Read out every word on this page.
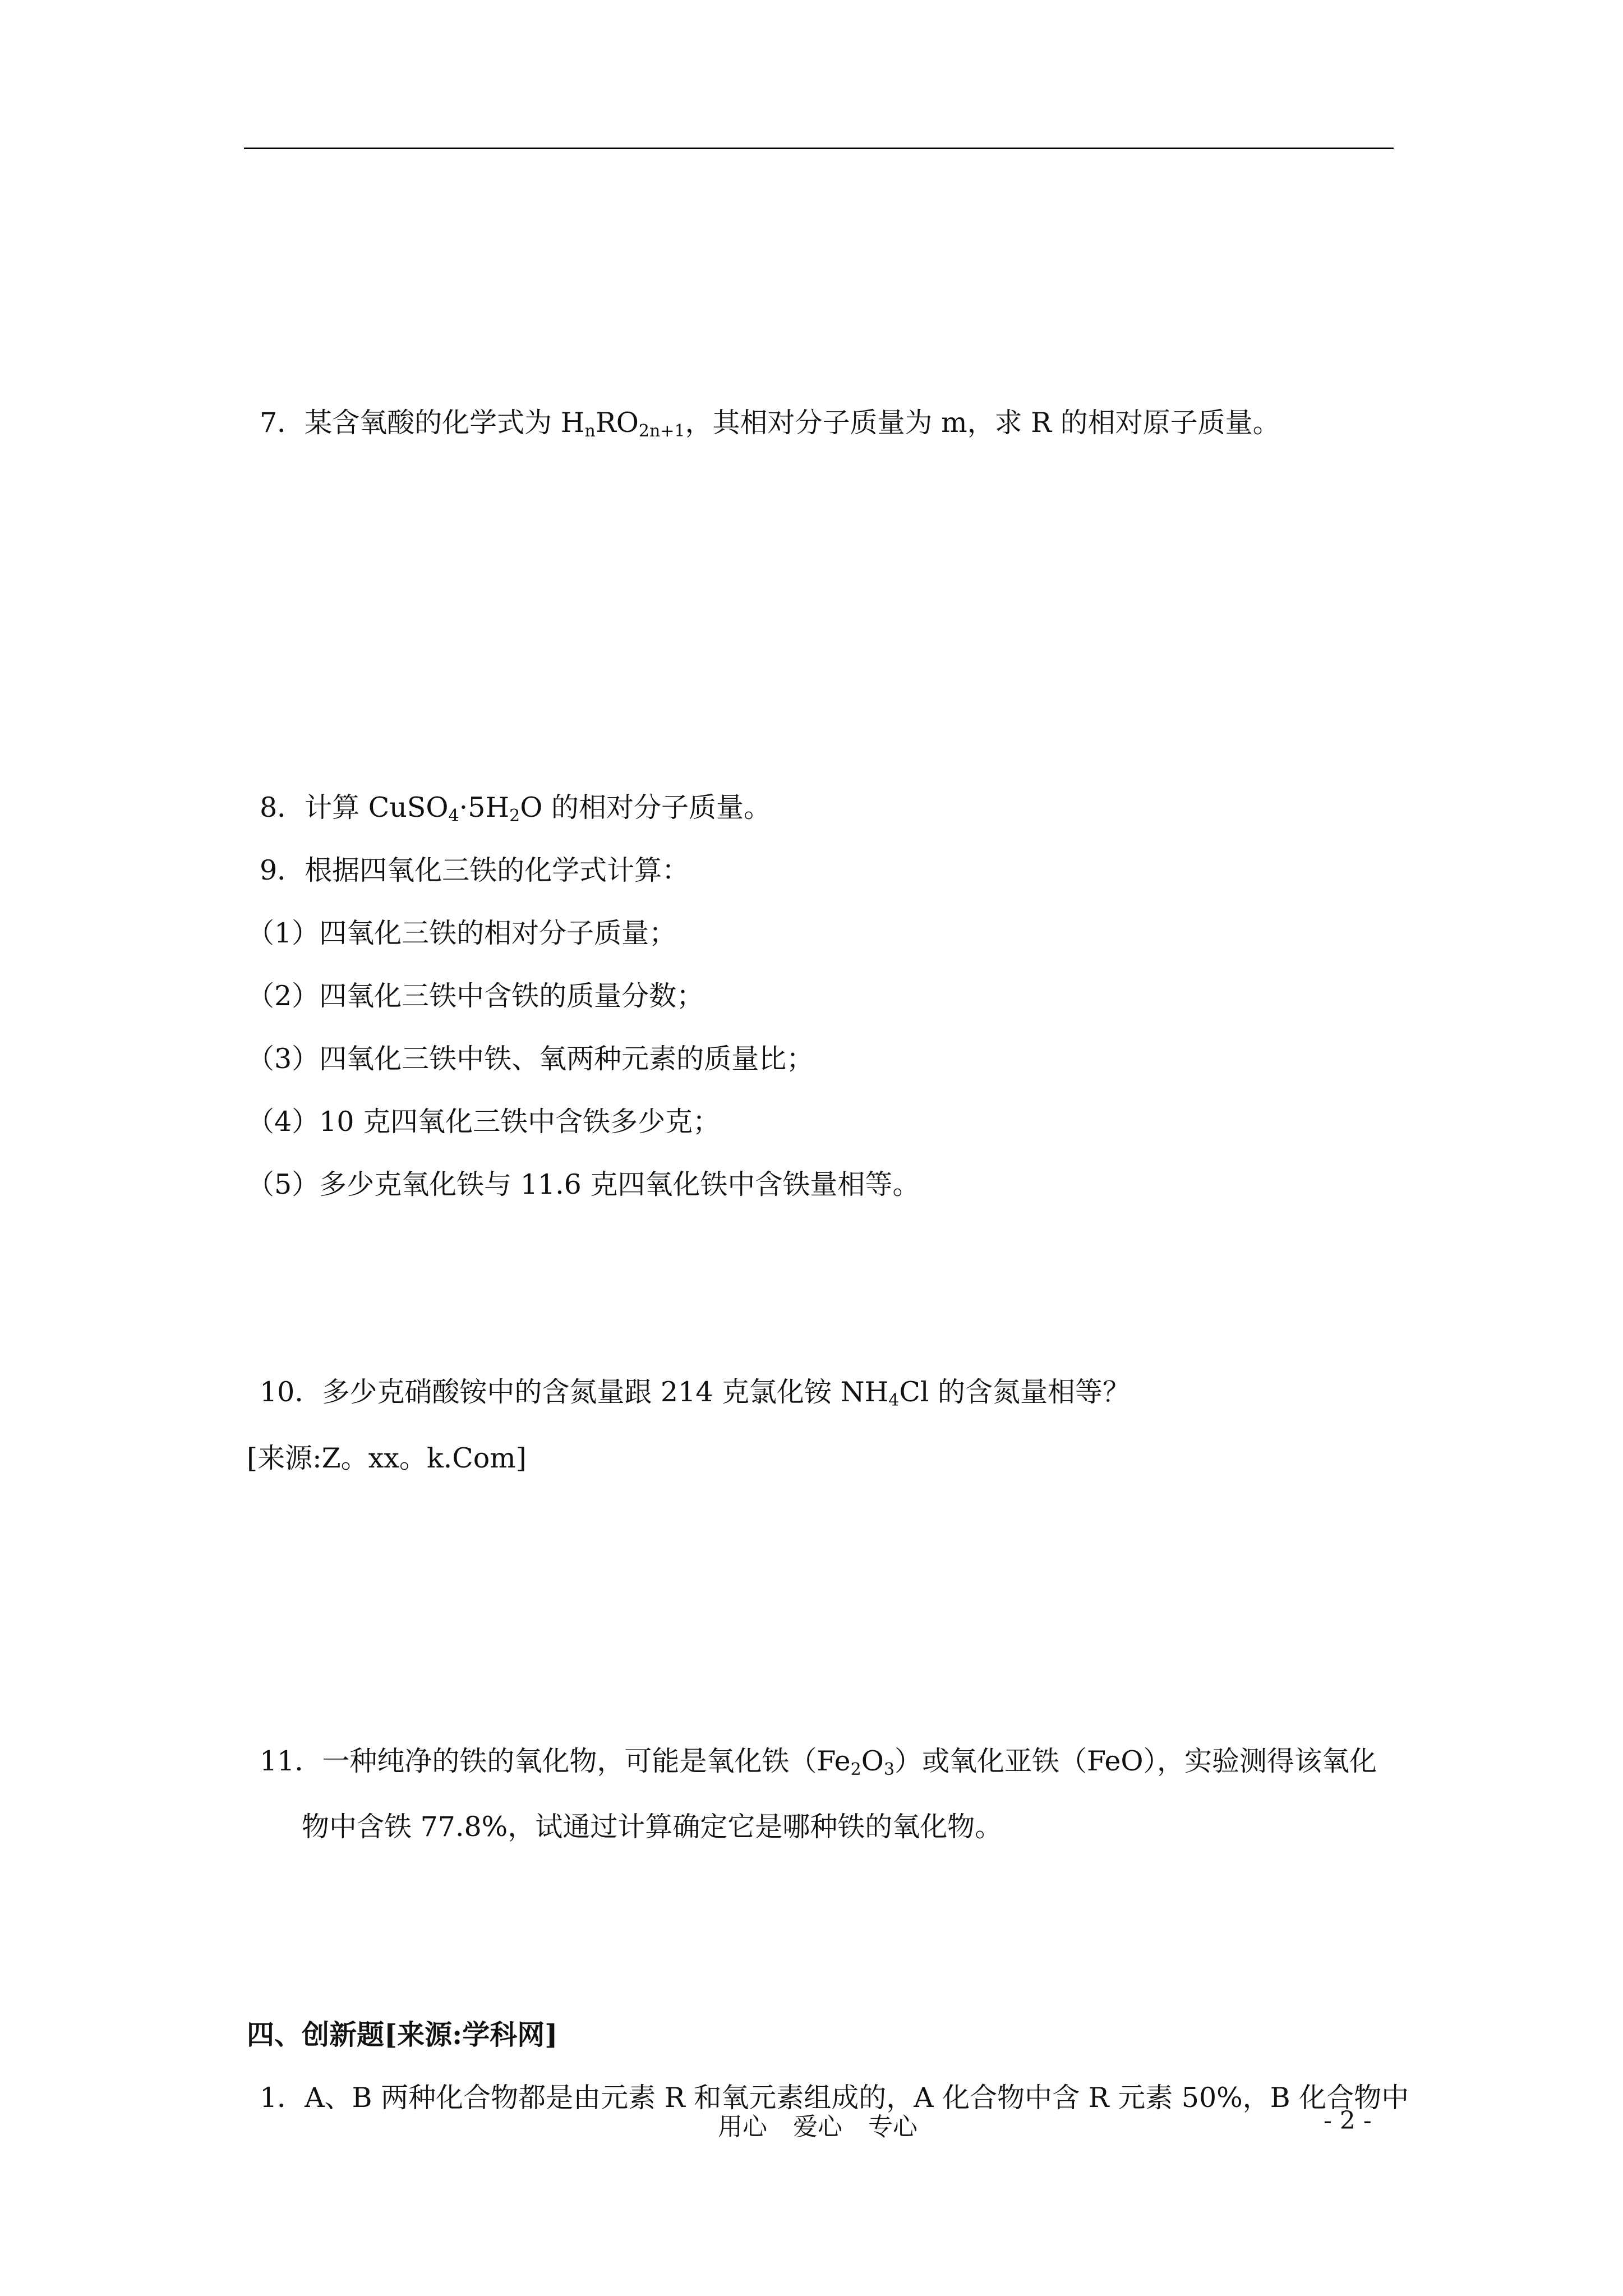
7．某含氧酸的化学式为 $H_nRO_{2n+1}$，其相对分子质量为 m，求 R 的相对原子质量。
8．计算 $CuSO_4\cdot 5H_2O$ 的相对分子质量。
9．根据四氧化三铁的化学式计算：
（1）四氧化三铁的相对分子质量；
（2）四氧化三铁中含铁的质量分数；
（3）四氧化三铁中铁、氧两种元素的质量比；
（4）10 克四氧化三铁中含铁多少克；
（5）多少克氧化铁与 11.6 克四氧化铁中含铁量相等。
10．多少克硝酸铵中的含氮量跟 214 克氯化铵 $NH_4Cl$ 的含氮量相等？
[来源:Z。xx。k.Com]
11．一种纯净的铁的氧化物，可能是氧化铁$(Fe_2O_3)$或氧化亚铁（FeO），实验测得该氧化
物中含铁 77.8%，试通过计算确定它是哪种铁的氧化物。
四、创新题[来源:学科网]
1．A、B 两种化合物都是由元素 R 和氧元素组成的，A 化合物中含 R 元素 50%，B 化合物中
用心 爱心 专心	- 2 -
